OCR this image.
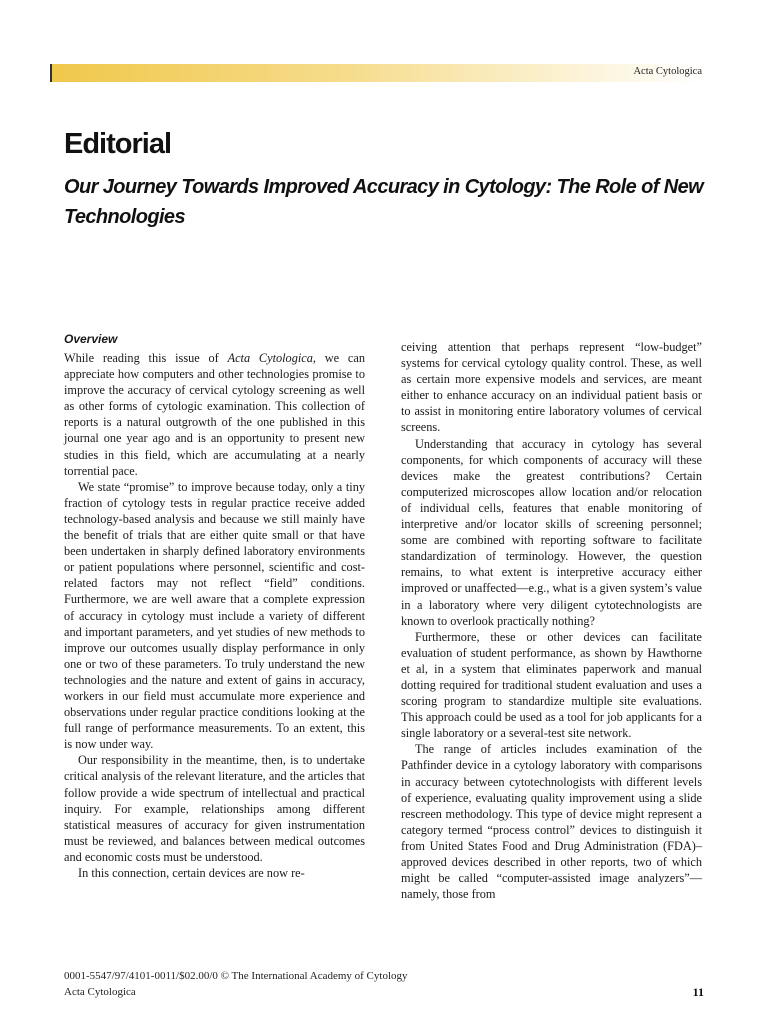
Acta Cytologica
Editorial
Our Journey Towards Improved Accuracy in Cytology: The Role of New Technologies
Overview

While reading this issue of Acta Cytologica, we can appreciate how computers and other technologies promise to improve the accuracy of cervical cytology screening as well as other forms of cytologic examination. This collection of reports is a natural outgrowth of the one published in this journal one year ago and is an opportunity to present new studies in this field, which are accumulating at a nearly torrential pace.

We state “promise” to improve because today, only a tiny fraction of cytology tests in regular practice receive added technology-based analysis and because we still mainly have the benefit of trials that are either quite small or that have been undertaken in sharply defined laboratory environments or patient populations where personnel, scientific and cost-related factors may not reflect “field” conditions. Furthermore, we are well aware that a complete expression of accuracy in cytology must include a variety of different and important parameters, and yet studies of new methods to improve our outcomes usually display performance in only one or two of these parameters. To truly understand the new technologies and the nature and extent of gains in accuracy, workers in our field must accumulate more experience and observations under regular practice conditions looking at the full range of performance measurements. To an extent, this is now under way.

Our responsibility in the meantime, then, is to undertake critical analysis of the relevant literature, and the articles that follow provide a wide spectrum of intellectual and practical inquiry. For example, relationships among different statistical measures of accuracy for given instrumentation must be reviewed, and balances between medical outcomes and economic costs must be understood.

In this connection, certain devices are now re-

ceiving attention that perhaps represent “low-budget” systems for cervical cytology quality control. These, as well as certain more expensive models and services, are meant either to enhance accuracy on an individual patient basis or to assist in monitoring entire laboratory volumes of cervical screens.

Understanding that accuracy in cytology has several components, for which components of accuracy will these devices make the greatest contributions? Certain computerized microscopes allow location and/or relocation of individual cells, features that enable monitoring of interpretive and/or locator skills of screening personnel; some are combined with reporting software to facilitate standardization of terminology. However, the question remains, to what extent is interpretive accuracy either improved or unaffected—e.g., what is a given system’s value in a laboratory where very diligent cytotechnologists are known to overlook practically nothing?

Furthermore, these or other devices can facilitate evaluation of student performance, as shown by Hawthorne et al, in a system that eliminates paperwork and manual dotting required for traditional student evaluation and uses a scoring program to standardize multiple site evaluations. This approach could be used as a tool for job applicants for a single laboratory or a several-test site network.

The range of articles includes examination of the Pathfinder device in a cytology laboratory with comparisons in accuracy between cytotechnologists with different levels of experience, evaluating quality improvement using a slide rescreen methodology. This type of device might represent a category termed “process control” devices to distinguish it from United States Food and Drug Administration (FDA)–approved devices described in other reports, two of which might be called “computer-assisted image analyzers”—namely, those from

0001-5547/97/4101-0011/$02.00/0 © The International Academy of Cytology
Acta Cytologica	11
